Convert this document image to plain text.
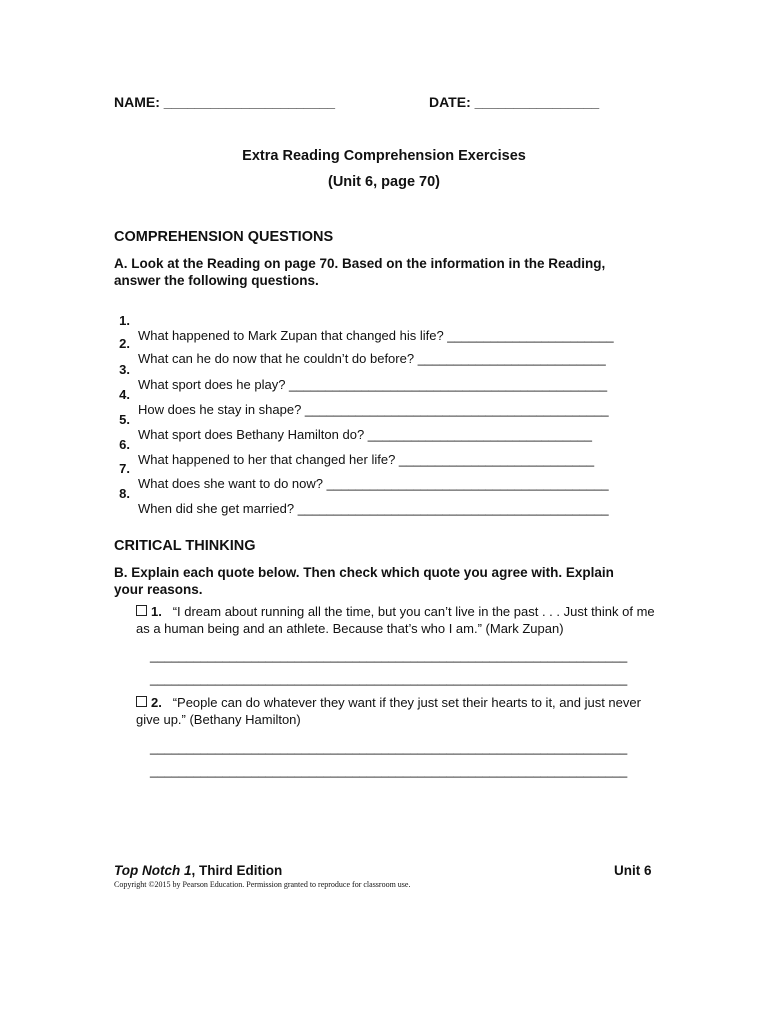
NAME: ______________________	DATE: ________________
Extra Reading Comprehension Exercises
(Unit 6, page 70)
COMPREHENSION QUESTIONS
A. Look at the Reading on page 70. Based on the information in the Reading, answer the following questions.

1.

What happened to Mark Zupan that changed his life? _______________________

2.

What can he do now that he couldn’t do before? __________________________

3.

What sport does he play? ____________________________________________

4.

How does he stay in shape? __________________________________________

5.

What sport does Bethany Hamilton do? _______________________________

6.

What happened to her that changed her life? ___________________________

7.

What does she want to do now? _______________________________________

8.

When did she get married? ___________________________________________

CRITICAL THINKING
B. Explain each quote below. Then check which quote you agree with. Explain your reasons.
1. “I dream about running all the time, but you can’t live in the past . . . Just think of me as a human being and an athlete. Because that’s who I am.” (Mark Zupan)
__________________________________________________________________
__________________________________________________________________
2. “People can do whatever they want if they just set their hearts to it, and just never give up.” (Bethany Hamilton)
__________________________________________________________________
__________________________________________________________________
Top Notch 1, Third Edition	Unit 6
Copyright ©2015 by Pearson Education. Permission granted to reproduce for classroom use.
